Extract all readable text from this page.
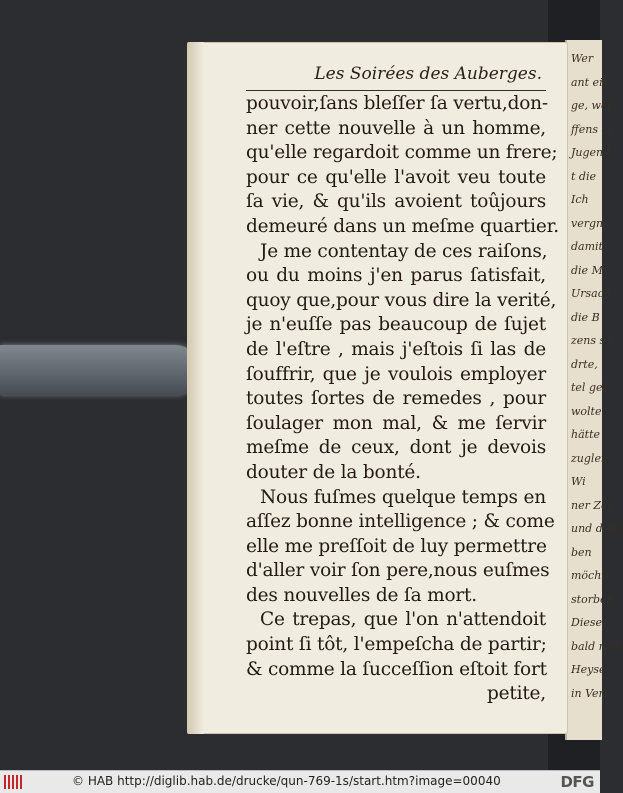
Wer
ant eir
ge, wol
ffens al
Jugend
t die
Ich
vergn
damit
die M
Ursach
die B
zens so
drte,
tel geb
wolte
hätte
zugleic
Wi
ner Zei
und dieß
ben
möchte
storben
Diese
bald nich
Heyse
in Verl
Les Soirées des Auberges.
pouvoir,ſans bleſſer ſa vertu,don-
ner cette nouvelle à un homme,
qu'elle regardoit comme un frere;
pour ce qu'elle l'avoit veu toute
ſa vie, & qu'ils avoient toûjours
demeuré dans un meſme quartier.
Je me contentay de ces raiſons,
ou du moins j'en parus ſatisfait,
quoy que,pour vous dire la verité,
je n'euſſe pas beaucoup de ſujet
de l'eſtre , mais j'eſtois ſi las de
ſouffrir, que je voulois employer
toutes ſortes de remedes , pour
ſoulager mon mal, & me ſervir
meſme de ceux, dont je devois
douter de la bonté.
Nous fuſmes quelque temps en
aſſez bonne intelligence ; & come
elle me preſſoit de luy permettre
d'aller voir ſon pere,nous euſmes
des nouvelles de ſa mort.
Ce trepas, que l'on n'attendoit
point ſi tôt, l'empeſcha de partir;
& comme la ſucceſſion eſtoit fort
petite,
© HAB http://diglib.hab.de/drucke/qun-769-1s/start.htm?image=00040	DFG
